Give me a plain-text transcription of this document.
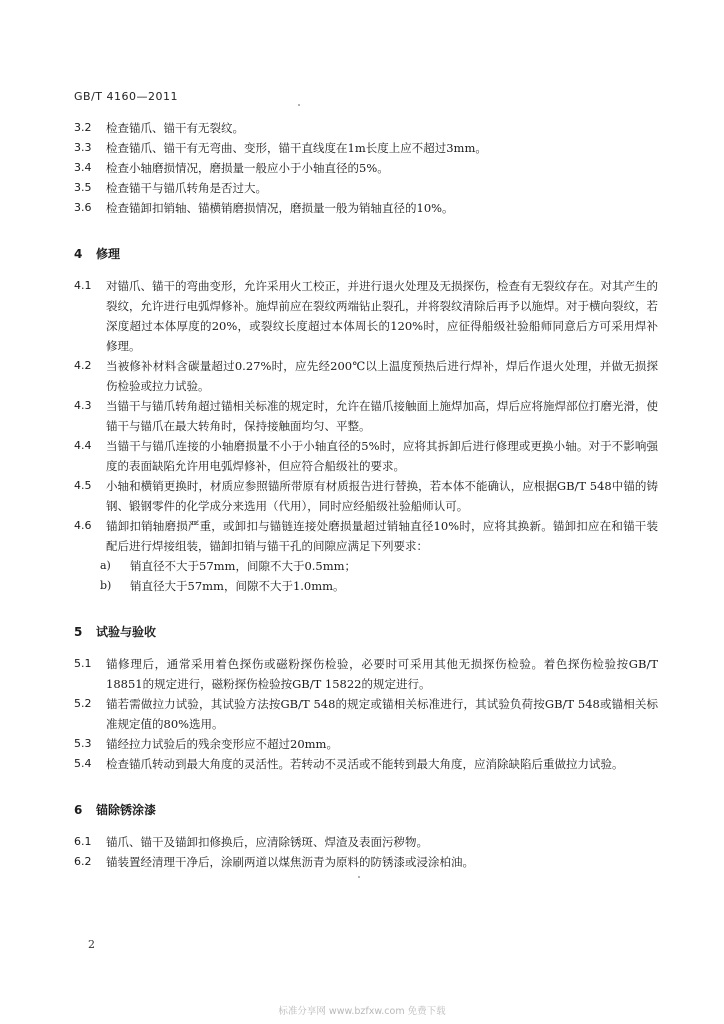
GB/T 4160—2011
3.2	检查锚爪、锚干有无裂纹。
3.3	检查锚爪、锚干有无弯曲、变形，锚干直线度在1m长度上应不超过3mm。
3.4	检查小轴磨损情况，磨损量一般应小于小轴直径的5%。
3.5	检查锚干与锚爪转角是否过大。
3.6	检查锚卸扣销轴、锚横销磨损情况，磨损量一般为销轴直径的10%。
4 修理
4.1	对锚爪、锚干的弯曲变形，允许采用火工校正，并进行退火处理及无损探伤，检查有无裂纹存在。对其产生的裂纹，允许进行电弧焊修补。施焊前应在裂纹两端钻止裂孔，并将裂纹清除后再予以施焊。对于横向裂纹，若深度超过本体厚度的20%，或裂纹长度超过本体周长的120%时，应征得船级社验船师同意后方可采用焊补修理。
4.2	当被修补材料含碳量超过0.27%时，应先经200℃以上温度预热后进行焊补，焊后作退火处理，并做无损探伤检验或拉力试验。
4.3	当锚干与锚爪转角超过锚相关标准的规定时，允许在锚爪接触面上施焊加高，焊后应将施焊部位打磨光滑，使锚干与锚爪在最大转角时，保持接触面均匀、平整。
4.4	当锚干与锚爪连接的小轴磨损量不小于小轴直径的5%时，应将其拆卸后进行修理或更换小轴。对于不影响强度的表面缺陷允许用电弧焊修补，但应符合船级社的要求。
4.5	小轴和横销更换时，材质应参照锚所带原有材质报告进行替换，若本体不能确认，应根据GB/T 548中锚的铸钢、锻钢零件的化学成分来选用（代用），同时应经船级社验船师认可。
4.6	锚卸扣销轴磨损严重，或卸扣与锚链连接处磨损量超过销轴直径10%时，应将其换新。锚卸扣应在和锚干装配后进行焊接组装，锚卸扣销与锚干孔的间隙应满足下列要求：
a) 销直径不大于57mm，间隙不大于0.5mm；
b) 销直径大于57mm，间隙不大于1.0mm。
5 试验与验收
5.1	锚修理后，通常采用着色探伤或磁粉探伤检验，必要时可采用其他无损探伤检验。着色探伤检验按GB/T 18851的规定进行，磁粉探伤检验按GB/T 15822的规定进行。
5.2	锚若需做拉力试验，其试验方法按GB/T 548的规定或锚相关标准进行，其试验负荷按GB/T 548或锚相关标准规定值的80%选用。
5.3	锚经拉力试验后的残余变形应不超过20mm。
5.4	检查锚爪转动到最大角度的灵活性。若转动不灵活或不能转到最大角度，应消除缺陷后重做拉力试验。
6 锚除锈涂漆
6.1	锚爪、锚干及锚卸扣修换后，应清除锈斑、焊渣及表面污秽物。
6.2	锚装置经清理干净后，涂刷两道以煤焦沥青为原料的防锈漆或浸涂柏油。
2
标准分享网 www.bzfxw.com 免费下载
